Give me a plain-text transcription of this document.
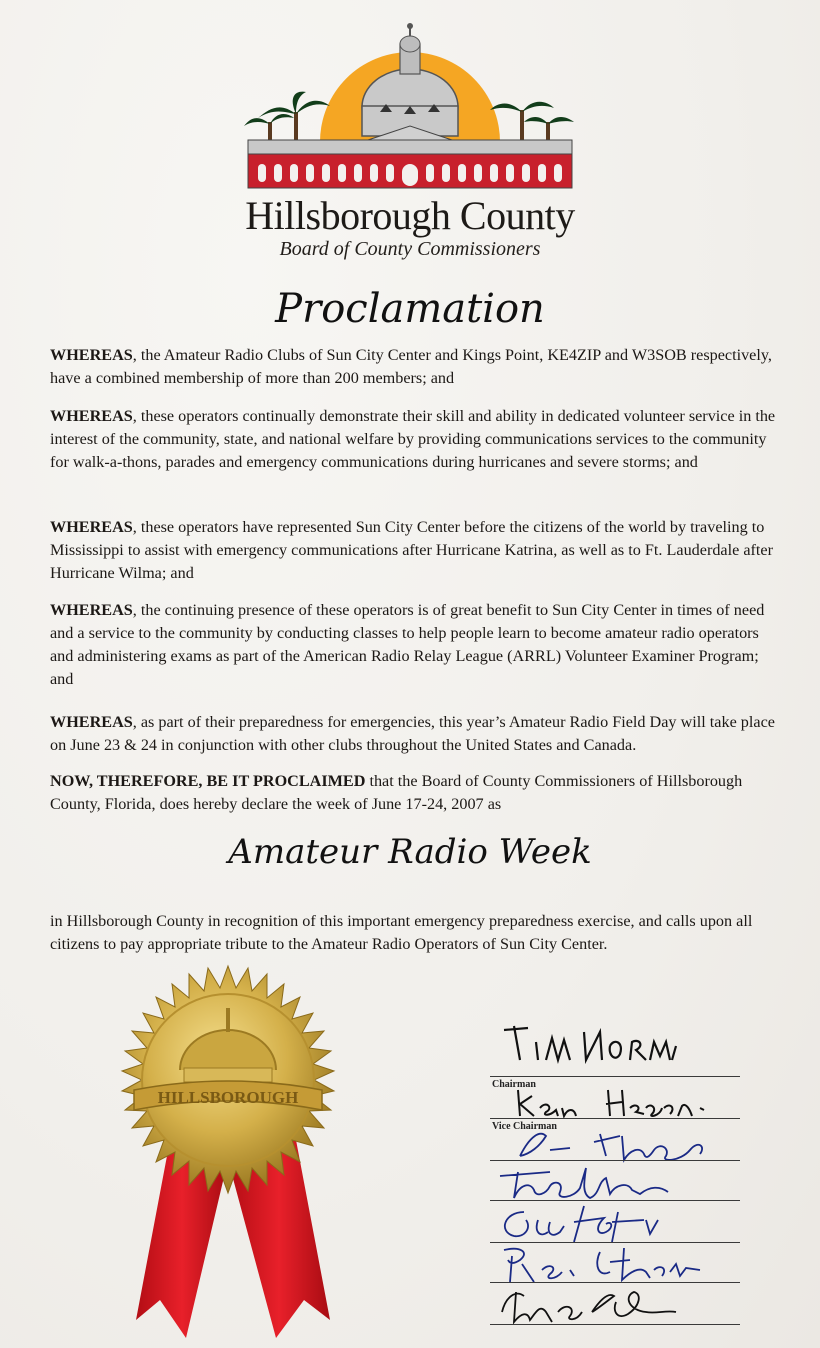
Hillsborough County
Board of County Commissioners
Proclamation
WHEREAS, the Amateur Radio Clubs of Sun City Center and Kings Point, KE4ZIP and W3SOB respectively, have a combined membership of more than 200 members; and
WHEREAS, these operators continually demonstrate their skill and ability in dedicated volunteer service in the interest of the community, state, and national welfare by providing communications services to the community for walk-a-thons, parades and emergency communications during hurricanes and severe storms; and
WHEREAS, these operators have represented Sun City Center before the citizens of the world by traveling to Mississippi to assist with emergency communications after Hurricane Katrina, as well as to Ft. Lauderdale after Hurricane Wilma; and
WHEREAS, the continuing presence of these operators is of great benefit to Sun City Center in times of need and a service to the community by conducting classes to help people learn to become amateur radio operators and administering exams as part of the American Radio Relay League (ARRL) Volunteer Examiner Program; and
WHEREAS, as part of their preparedness for emergencies, this year’s Amateur Radio Field Day will take place on June 23 & 24 in conjunction with other clubs throughout the United States and Canada.
NOW, THEREFORE, BE IT PROCLAIMED that the Board of County Commissioners of Hillsborough County, Florida, does hereby declare the week of June 17-24, 2007 as
Amateur Radio Week
in Hillsborough County in recognition of this important emergency preparedness exercise, and calls upon all citizens to pay appropriate tribute to the Amateur Radio Operators of Sun City Center.
HILLSBOROUGH
Chairman
Vice Chairman
